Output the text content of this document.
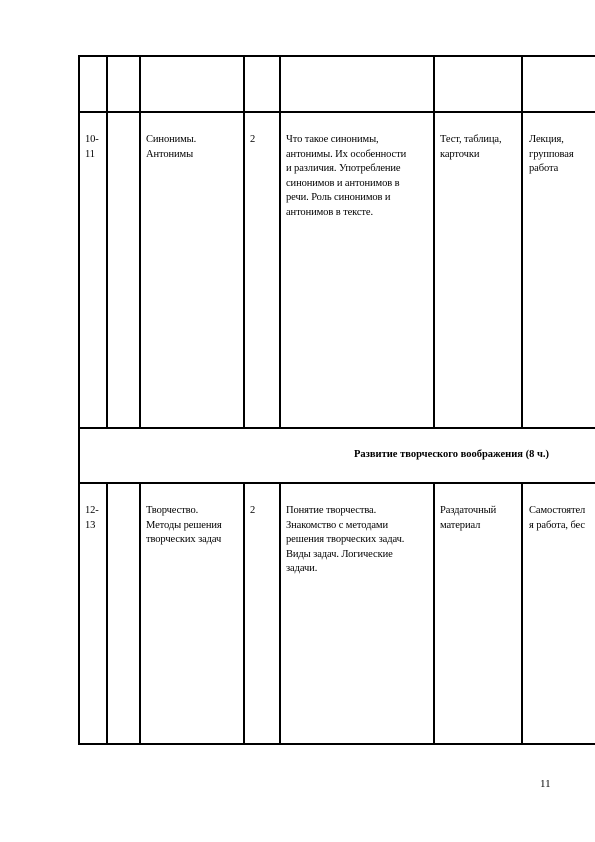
10-
11
Синонимы.
Антонимы
2	Что такое синонимы,
антонимы. Их особенности
и различия. Употребление
синонимов и антонимов в
речи. Роль синонимов и
антонимов в тексте.
Тест, таблица,
карточки
Лекция,
групповая
работа
Развитие творческого воображения (8 ч.)
12-
13
Творчество.
Методы решения
творческих задач
2	Понятие творчества.
Знакомство с методами
решения творческих задач.
Виды задач. Логические
задачи.
Раздаточный
материал
Самостоятел
я работа, бес
11
